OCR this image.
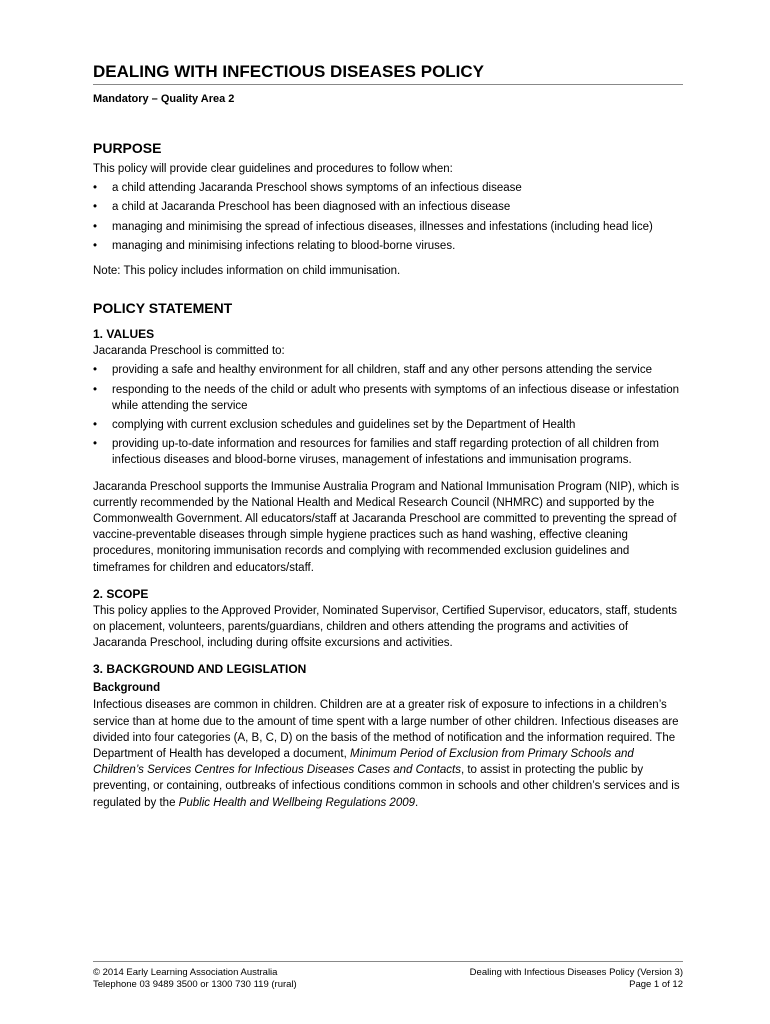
DEALING WITH INFECTIOUS DISEASES POLICY
Mandatory – Quality Area 2
PURPOSE

This policy will provide clear guidelines and procedures to follow when:

• a child attending Jacaranda Preschool shows symptoms of an infectious disease
• a child at Jacaranda Preschool has been diagnosed with an infectious disease
• managing and minimising the spread of infectious diseases, illnesses and infestations (including head lice)
• managing and minimising infections relating to blood-borne viruses.

Note: This policy includes information on child immunisation.

POLICY STATEMENT
1. VALUES

Jacaranda Preschool is committed to:

• providing a safe and healthy environment for all children, staff and any other persons attending the service
• responding to the needs of the child or adult who presents with symptoms of an infectious disease or infestation while attending the service
• complying with current exclusion schedules and guidelines set by the Department of Health
• providing up-to-date information and resources for families and staff regarding protection of all children from infectious diseases and blood-borne viruses, management of infestations and immunisation programs.

Jacaranda Preschool supports the Immunise Australia Program and National Immunisation Program (NIP), which is currently recommended by the National Health and Medical Research Council (NHMRC) and supported by the Commonwealth Government. All educators/staff at Jacaranda Preschool are committed to preventing the spread of vaccine-preventable diseases through simple hygiene practices such as hand washing, effective cleaning procedures, monitoring immunisation records and complying with recommended exclusion guidelines and timeframes for children and educators/staff.

2. SCOPE

This policy applies to the Approved Provider, Nominated Supervisor, Certified Supervisor, educators, staff, students on placement, volunteers, parents/guardians, children and others attending the programs and activities of Jacaranda Preschool, including during offsite excursions and activities.

3. BACKGROUND AND LEGISLATION
Background

Infectious diseases are common in children. Children are at a greater risk of exposure to infections in a children’s service than at home due to the amount of time spent with a large number of other children. Infectious diseases are divided into four categories (A, B, C, D) on the basis of the method of notification and the information required. The Department of Health has developed a document, Minimum Period of Exclusion from Primary Schools and Children’s Services Centres for Infectious Diseases Cases and Contacts, to assist in protecting the public by preventing, or containing, outbreaks of infectious conditions common in schools and other children’s services and is regulated by the Public Health and Wellbeing Regulations 2009.

© 2014 Early Learning Association Australia
Telephone 03 9489 3500 or 1300 730 119 (rural)
Dealing with Infectious Diseases Policy (Version 3)
Page 1 of 12
